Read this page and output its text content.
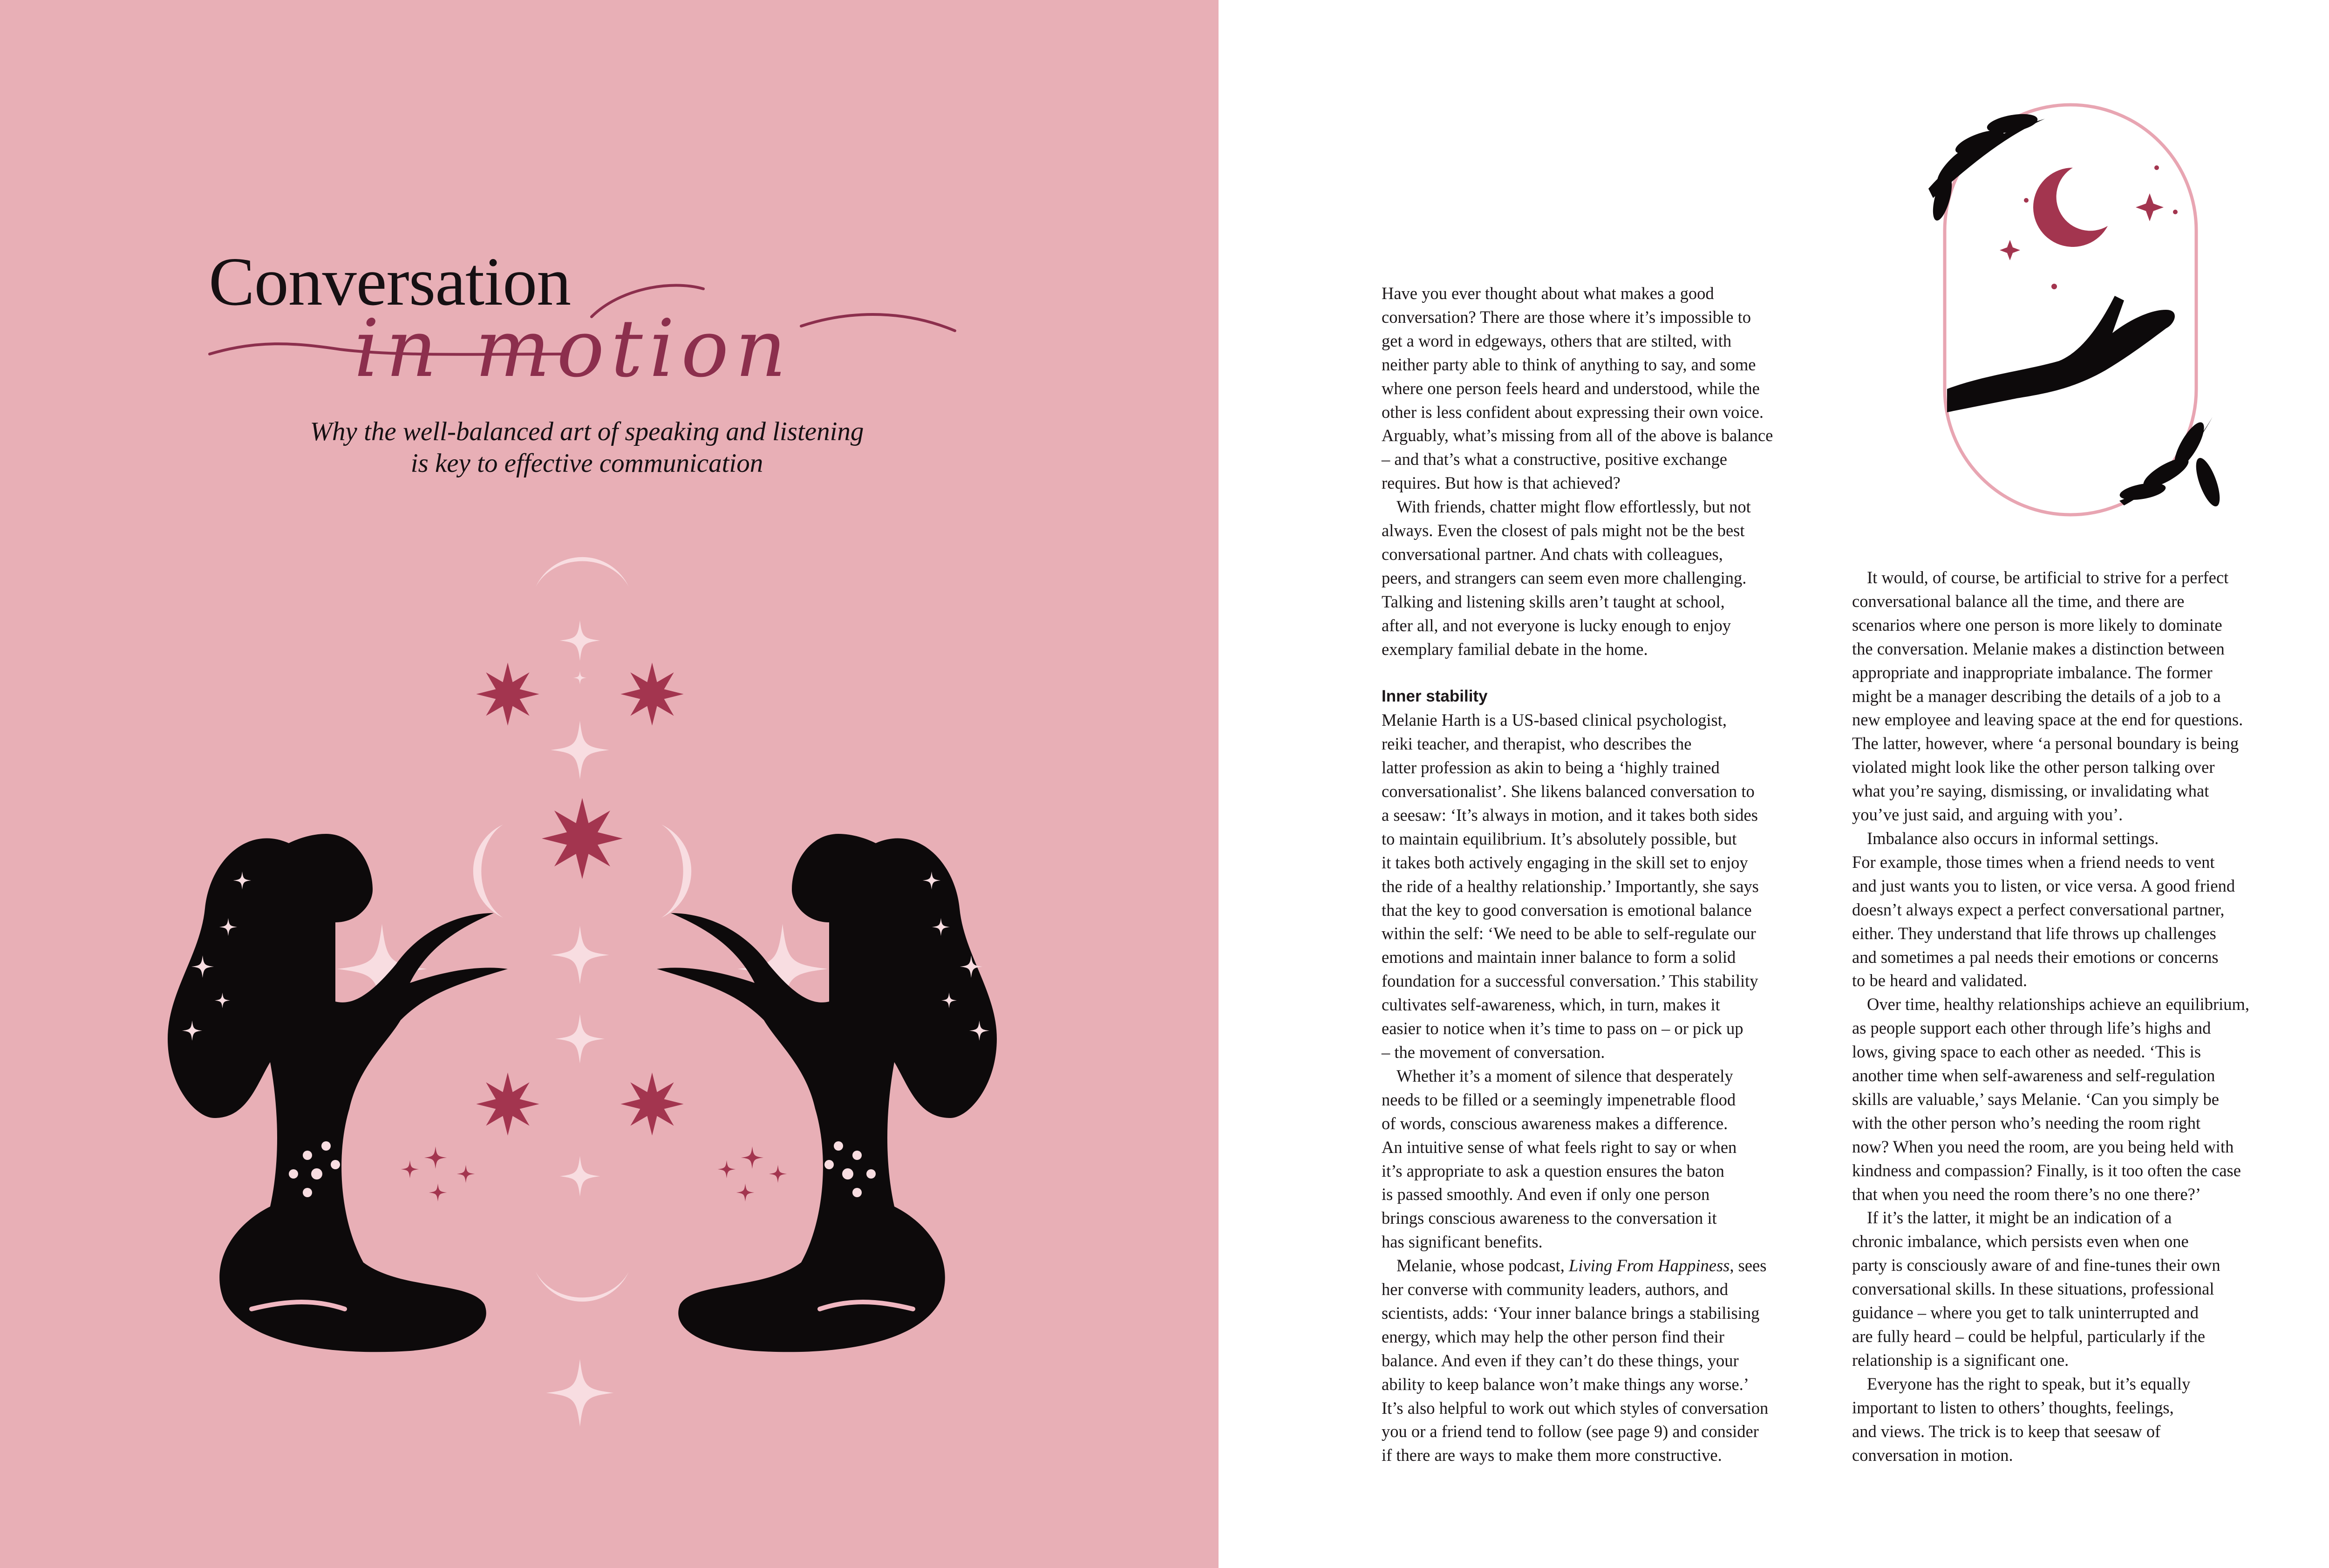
Conversation
in motion
Why the well-balanced art of speaking and listening
is key to effective communication
Have you ever thought about what makes a good
conversation? There are those where it’s impossible to
get a word in edgeways, others that are stilted, with
neither party able to think of anything to say, and some
where one person feels heard and understood, while the
other is less confident about expressing their own voice.
Arguably, what’s missing from all of the above is balance
– and that’s what a constructive, positive exchange
requires. But how is that achieved?
With friends, chatter might flow effortlessly, but not
always. Even the closest of pals might not be the best
conversational partner. And chats with colleagues,
peers, and strangers can seem even more challenging.
Talking and listening skills aren’t taught at school,
after all, and not everyone is lucky enough to enjoy
exemplary familial debate in the home.
Inner stability
Melanie Harth is a US-based clinical psychologist,
reiki teacher, and therapist, who describes the
latter profession as akin to being a ‘highly trained
conversationalist’. She likens balanced conversation to
a seesaw: ‘It’s always in motion, and it takes both sides
to maintain equilibrium. It’s absolutely possible, but
it takes both actively engaging in the skill set to enjoy
the ride of a healthy relationship.’ Importantly, she says
that the key to good conversation is emotional balance
within the self: ‘We need to be able to self-regulate our
emotions and maintain inner balance to form a solid
foundation for a successful conversation.’ This stability
cultivates self-awareness, which, in turn, makes it
easier to notice when it’s time to pass on – or pick up
– the movement of conversation.
Whether it’s a moment of silence that desperately
needs to be filled or a seemingly impenetrable flood
of words, conscious awareness makes a difference.
An intuitive sense of what feels right to say or when
it’s appropriate to ask a question ensures the baton
is passed smoothly. And even if only one person
brings conscious awareness to the conversation it
has significant benefits.
Melanie, whose podcast, Living From Happiness, sees
her converse with community leaders, authors, and
scientists, adds: ‘Your inner balance brings a stabilising
energy, which may help the other person find their
balance. And even if they can’t do these things, your
ability to keep balance won’t make things any worse.’
It’s also helpful to work out which styles of conversation
you or a friend tend to follow (see page 9) and consider
if there are ways to make them more constructive.
It would, of course, be artificial to strive for a perfect
conversational balance all the time, and there are
scenarios where one person is more likely to dominate
the conversation. Melanie makes a distinction between
appropriate and inappropriate imbalance. The former
might be a manager describing the details of a job to a
new employee and leaving space at the end for questions.
The latter, however, where ‘a personal boundary is being
violated might look like the other person talking over
what you’re saying, dismissing, or invalidating what
you’ve just said, and arguing with you’.
Imbalance also occurs in informal settings.
For example, those times when a friend needs to vent
and just wants you to listen, or vice versa. A good friend
doesn’t always expect a perfect conversational partner,
either. They understand that life throws up challenges
and sometimes a pal needs their emotions or concerns
to be heard and validated.
Over time, healthy relationships achieve an equilibrium,
as people support each other through life’s highs and
lows, giving space to each other as needed. ‘This is
another time when self-awareness and self-regulation
skills are valuable,’ says Melanie. ‘Can you simply be
with the other person who’s needing the room right
now? When you need the room, are you being held with
kindness and compassion? Finally, is it too often the case
that when you need the room there’s no one there?’
If it’s the latter, it might be an indication of a
chronic imbalance, which persists even when one
party is consciously aware of and fine-tunes their own
conversational skills. In these situations, professional
guidance – where you get to talk uninterrupted and
are fully heard – could be helpful, particularly if the
relationship is a significant one.
Everyone has the right to speak, but it’s equally
important to listen to others’ thoughts, feelings,
and views. The trick is to keep that seesaw of
conversation in motion.
